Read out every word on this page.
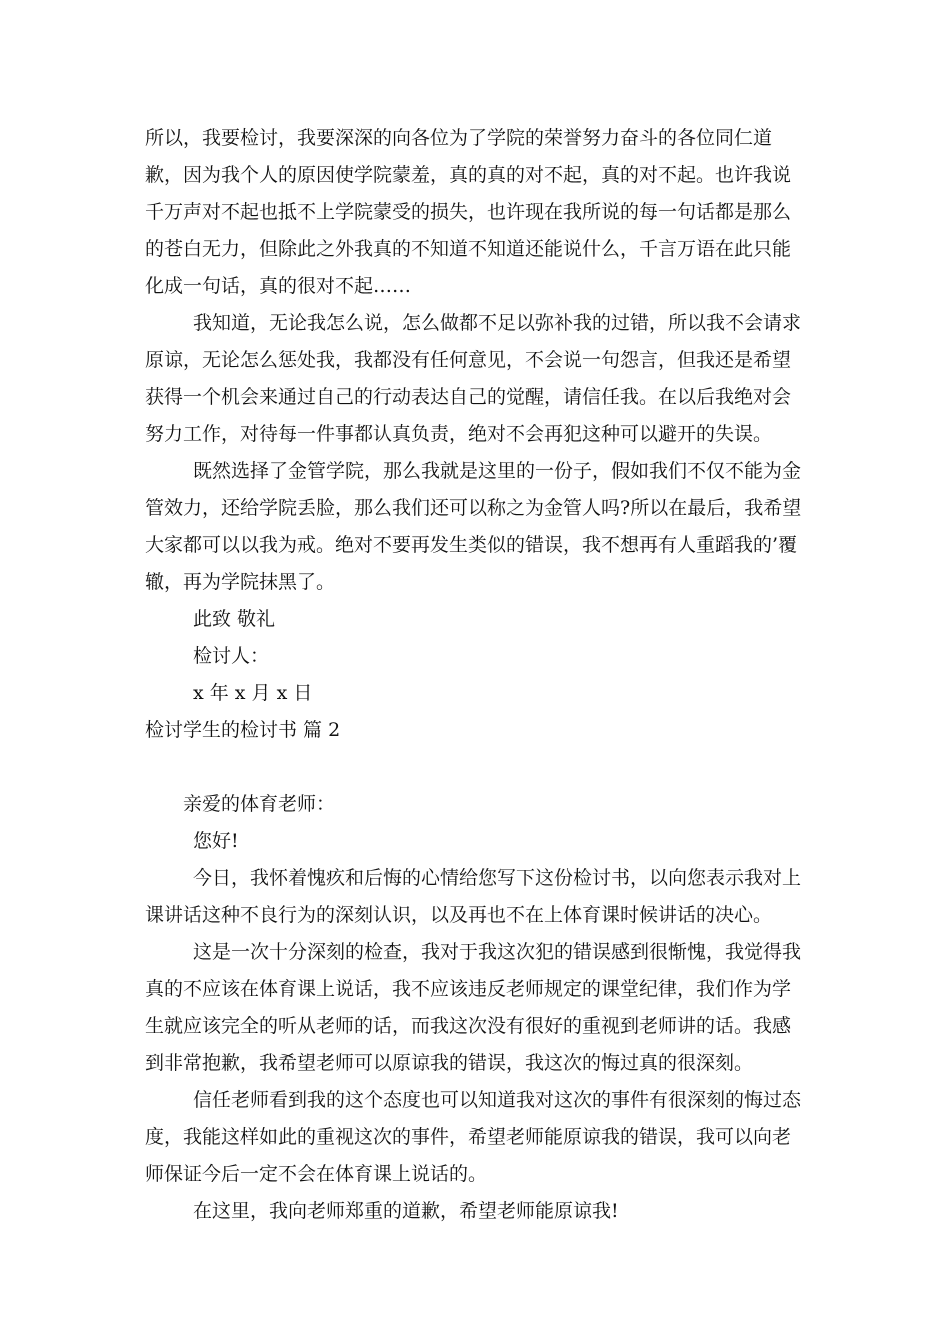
所以，我要检讨，我要深深的向各位为了学院的荣誉努力奋斗的各位同仁道歉，因为我个人的原因使学院蒙羞，真的真的对不起，真的对不起。也许我说千万声对不起也抵不上学院蒙受的损失，也许现在我所说的每一句话都是那么的苍白无力，但除此之外我真的不知道不知道还能说什么，千言万语在此只能化成一句话，真的很对不起……

我知道，无论我怎么说，怎么做都不足以弥补我的过错，所以我不会请求原谅，无论怎么惩处我，我都没有任何意见，不会说一句怨言，但我还是希望获得一个机会来通过自己的行动表达自己的觉醒，请信任我。在以后我绝对会努力工作，对待每一件事都认真负责，绝对不会再犯这种可以避开的失误。

既然选择了金管学院，那么我就是这里的一份子，假如我们不仅不能为金管效力，还给学院丢脸，那么我们还可以称之为金管人吗?所以在最后，我希望大家都可以以我为戒。绝对不要再发生类似的错误，我不想再有人重蹈我的’覆辙，再为学院抹黑了。

此致 敬礼
检讨人：
x 年 x 月 x 日
检讨学生的检讨书 篇 2
亲爱的体育老师：
您好!

今日，我怀着愧疚和后悔的心情给您写下这份检讨书，以向您表示我对上课讲话这种不良行为的深刻认识，以及再也不在上体育课时候讲话的决心。

这是一次十分深刻的检查，我对于我这次犯的错误感到很惭愧，我觉得我真的不应该在体育课上说话，我不应该违反老师规定的课堂纪律，我们作为学生就应该完全的听从老师的话，而我这次没有很好的重视到老师讲的话。我感到非常抱歉，我希望老师可以原谅我的错误，我这次的悔过真的很深刻。

信任老师看到我的这个态度也可以知道我对这次的事件有很深刻的悔过态度，我能这样如此的重视这次的事件，希望老师能原谅我的错误，我可以向老师保证今后一定不会在体育课上说话的。

在这里，我向老师郑重的道歉，希望老师能原谅我!
